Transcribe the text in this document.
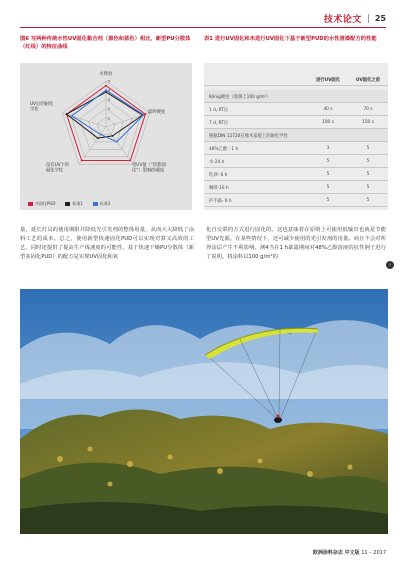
技术论文 25
图6 写两种传统水性UV固化黏合剂（黑色和蓝色）相比，新型PU分散体（红线）的特征曲线
1
2
3
4
5
水释放
最终硬度
受UV量（“阴影固 化”）影响的硬度
没有UV下的 耐化学性
UV后的耐化 学性
多固化PUD	标准1	标准2
表1 进行UV固化和未进行UV固化下基于新型PUD的水性清漆配方的性能
进行UV固化	UV固化之前
König硬度（玻璃上100 g/m²）
1 d, RT后	40 s	70 s
7 d, RT后	100 s	150 s
根据DIN 12720在橡木家板上的耐化学性
48%乙醇 - 1 h	3	5
水-24 h	5	5
红酒- 6 h	5	5
咖啡-16 h	5	5
护手霜- 6 h	5	5
量。延长灯具的使用期限并降低光引发剂的整体用量，从而大大降低了涂料工艺的成本。总之，使用新型快速固化PUD可以实现对算又高效的工艺，同时还提供了提高生产线速度的可能性，基于快速干燥PU分散体（新型多固化PUD）的配方是实现UV固化和氧
化自交联的方式进行固化的。这也意味着在原则上可使用低输出也就是节能型UV光源。在某些情况下，还可减少使用的光引发剂的用量。而且不会对所得涂层产生不利影响。测4当在1 h暴露期间对48%乙醇溶液的抗性例子进行了说明。将涂料以100 g/m²的
›
欧洲涂料杂志 中文版 11 – 2017
